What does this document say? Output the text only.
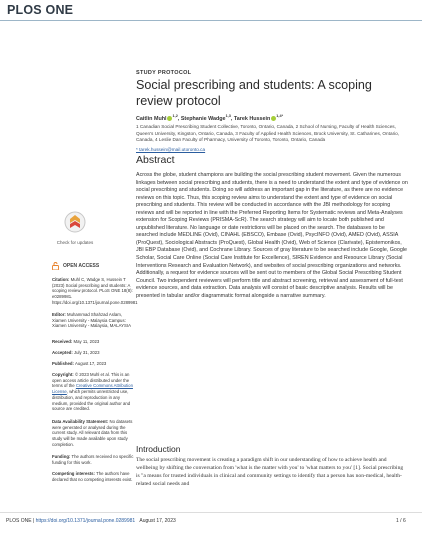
PLOS ONE
STUDY PROTOCOL
Social prescribing and students: A scoping review protocol
Caitlin Muhl $^{1,2}$, Stephanie Wadge$^{1,3}$, Tarek Hussein $^{1,4*}$
1 Canadian Social Prescribing Student Collective, Toronto, Ontario, Canada, 2 School of Nursing, Faculty of Health Sciences, Queen's University, Kingston, Ontario, Canada, 3 Faculty of Applied Health Sciences, Brock University, St. Catharines, Ontario, Canada, 4 Leslie Dan Faculty of Pharmacy, University of Toronto, Toronto, Ontario, Canada
* tarek.hussein@mail.utoronto.ca
Abstract
Across the globe, student champions are building the social prescribing student movement. Given the numerous linkages between social prescribing and students, there is a need to understand the extent and type of evidence on social prescribing and students. Doing so will address an important gap in the literature, as there are no evidence reviews on this topic. Thus, this scoping review aims to understand the extent and type of evidence on social prescribing and students. This review will be conducted in accordance with the JBI methodology for scoping reviews and will be reported in line with the Preferred Reporting Items for Systematic reviews and Meta-Analyses extension for Scoping Reviews (PRISMA-ScR). The search strategy will aim to locate both published and unpublished literature. No language or date restrictions will be placed on the search. The databases to be searched include MEDLINE (Ovid), CINAHL (EBSCO), Embase (Ovid), PsycINFO (Ovid), AMED (Ovid), ASSIA (ProQuest), Sociological Abstracts (ProQuest), Global Health (Ovid), Web of Science (Clarivate), Epistemonikos, JBI EBP Database (Ovid), and Cochrane Library. Sources of gray literature to be searched include Google, Google Scholar, Social Care Online (Social Care Institute for Excellence), SIREN Evidence and Resource Library (Social Interventions Research and Evaluation Network), and websites of social prescribing organizations and networks. Additionally, a request for evidence sources will be sent out to members of the Global Social Prescribing Student Council. Two independent reviewers will perform title and abstract screening, retrieval and assessment of full-text evidence sources, and data extraction. Data analysis will consist of basic descriptive analysis. Results will be presented in tabular and/or diagrammatic format alongside a narrative summary.
Check for updates
OPEN ACCESS
Citation: Muhl C, Wadge S, Hussein T (2023) Social prescribing and students: A scoping review protocol. PLoS ONE 18(8): e0289981. https://doi.org/10.1371/journal.pone.0289981
Editor: Muhammad Shahzad Aslam, Xiamen University - Malaysia Campus: Xiamen University - Malaysia, MALAYSIA
Received: May 11, 2023
Accepted: July 31, 2023
Published: August 17, 2023
Copyright: © 2023 Muhl et al. This is an open access article distributed under the terms of the Creative Commons Attribution License, which permits unrestricted use, distribution, and reproduction in any medium, provided the original author and source are credited.
Data Availability Statement: No datasets were generated or analysed during the current study. All relevant data from this study will be made available upon study completion.
Funding: The authors received no specific funding for this work.
Competing interests: The authors have declared that no competing interests exist.
Introduction
The social prescribing movement is creating a paradigm shift in our understanding of how to achieve health and wellbeing by shifting the conversation from 'what is the matter with you' to 'what matters to you' [1]. Social prescribing is "a means for trusted individuals in clinical and community settings to identify that a person has non-medical, health-related social needs and
PLOS ONE | https://doi.org/10.1371/journal.pone.0289981 August 17, 2023	1 / 6
